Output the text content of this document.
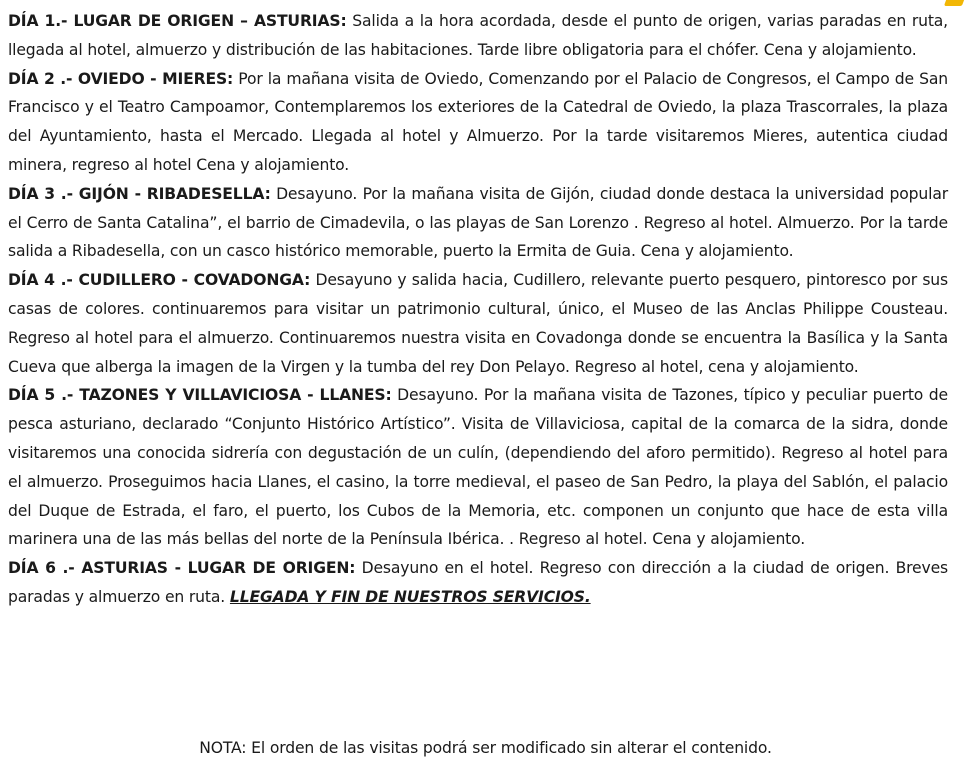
DÍA 1.- LUGAR DE ORIGEN – ASTURIAS: Salida a la hora acordada, desde el punto de origen, varias paradas en ruta, llegada al hotel, almuerzo y distribución de las habitaciones. Tarde libre obligatoria para el chófer. Cena y alojamiento.

DÍA 2 .- OVIEDO - MIERES: Por la mañana visita de Oviedo, Comenzando por el Palacio de Congresos, el Campo de San Francisco y el Teatro Campoamor, Contemplaremos los exteriores de la Catedral de Oviedo, la plaza Trascorrales, la plaza del Ayuntamiento, hasta el Mercado. Llegada al hotel y Almuerzo. Por la tarde visitaremos Mieres, autentica ciudad minera, regreso al hotel Cena y alojamiento.

DÍA 3 .- GIJÓN - RIBADESELLA: Desayuno. Por la mañana visita de Gijón, ciudad donde destaca la universidad popular el Cerro de Santa Catalina”, el barrio de Cimadevila, o las playas de San Lorenzo . Regreso al hotel. Almuerzo. Por la tarde salida a Ribadesella, con un casco histórico memorable, puerto la Ermita de Guia. Cena y alojamiento.

DÍA 4 .- CUDILLERO - COVADONGA: Desayuno y salida hacia, Cudillero, relevante puerto pesquero, pintoresco por sus casas de colores. continuaremos para visitar un patrimonio cultural, único, el Museo de las Anclas Philippe Cousteau. Regreso al hotel para el almuerzo. Continuaremos nuestra visita en Covadonga donde se encuentra la Basílica y la Santa Cueva que alberga la imagen de la Virgen y la tumba del rey Don Pelayo. Regreso al hotel, cena y alojamiento.

DÍA 5 .- TAZONES Y VILLAVICIOSA - LLANES: Desayuno. Por la mañana visita de Tazones, típico y peculiar puerto de pesca asturiano, declarado “Conjunto Histórico Artístico”. Visita de Villaviciosa, capital de la comarca de la sidra, donde visitaremos una conocida sidrería con degustación de un culín, (dependiendo del aforo permitido). Regreso al hotel para el almuerzo. Proseguimos hacia Llanes, el casino, la torre medieval, el paseo de San Pedro, la playa del Sablón, el palacio del Duque de Estrada, el faro, el puerto, los Cubos de la Memoria, etc. componen un conjunto que hace de esta villa marinera una de las más bellas del norte de la Península Ibérica. . Regreso al hotel. Cena y alojamiento.

DÍA 6 .- ASTURIAS - LUGAR DE ORIGEN: Desayuno en el hotel. Regreso con dirección a la ciudad de origen. Breves paradas y almuerzo en ruta. LLEGADA Y FIN DE NUESTROS SERVICIOS.

NOTA: El orden de las visitas podrá ser modificado sin alterar el contenido.
